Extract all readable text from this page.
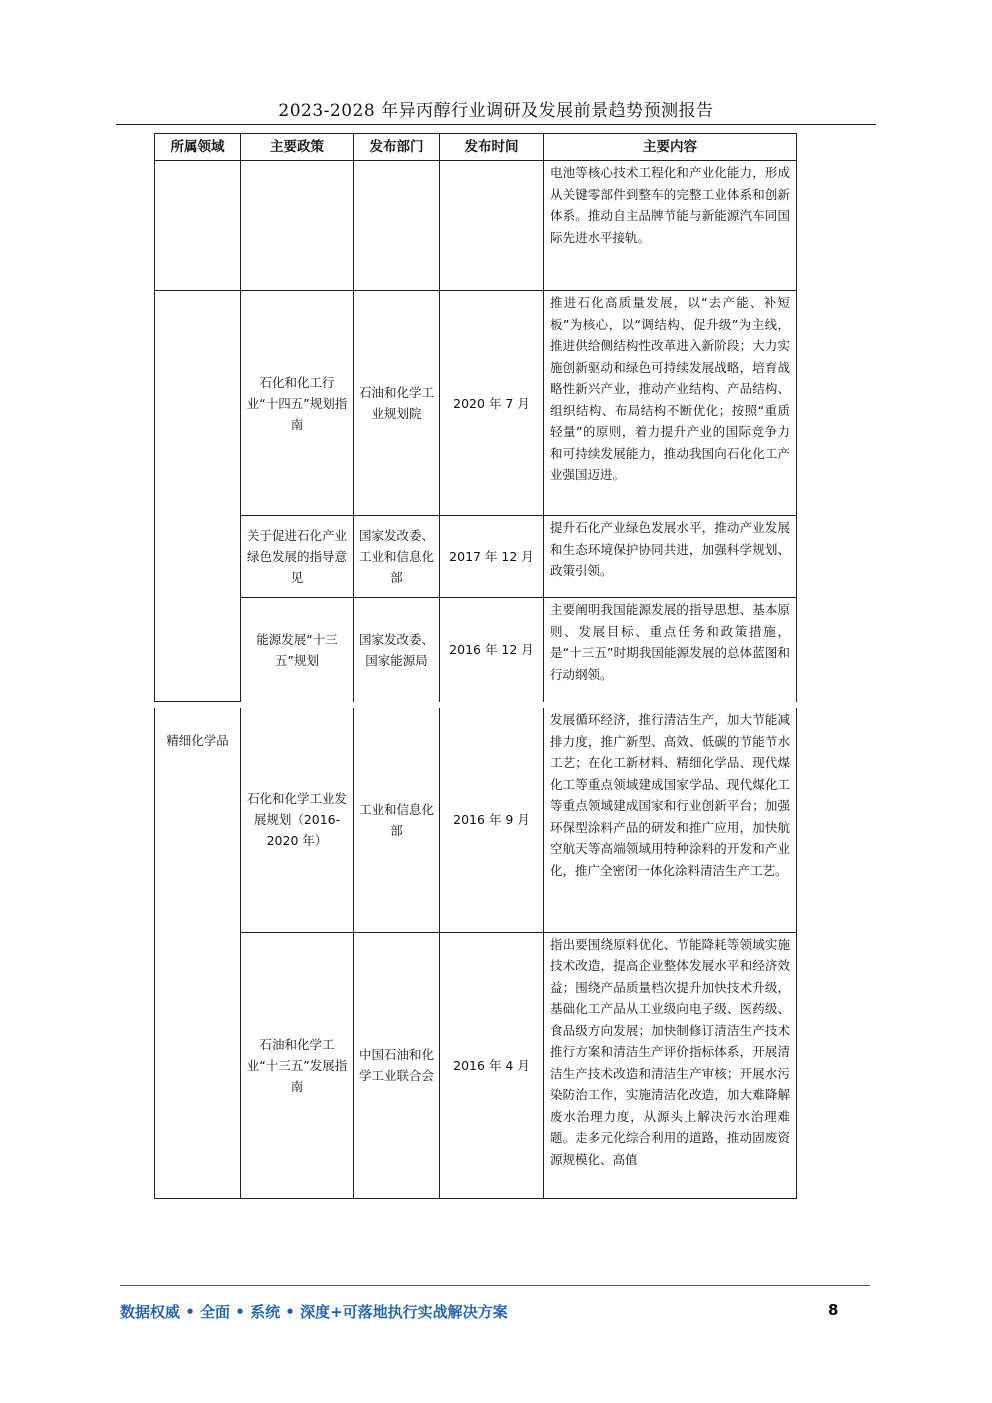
2023-2028 年异丙醇行业调研及发展前景趋势预测报告
所属领域	主要政策	发布部门	发布时间	主要内容
				电池等核心技术工程化和产业化能力，形成从关键零部件到整车的完整工业体系和创新体系。推动自主品牌节能与新能源汽车同国际先进水平接轨。
	石化和化工行业“十四五”规划指南	石油和化学工业规划院	2020 年 7 月	推进石化高质量发展，以“去产能、补短板”为核心，以“调结构、促升级”为主线，推进供给侧结构性改革进入新阶段；大力实施创新驱动和绿色可持续发展战略，培育战略性新兴产业，推动产业结构、产品结构、组织结构、布局结构不断优化；按照“重质轻量”的原则，着力提升产业的国际竞争力和可持续发展能力，推动我国向石化化工产业强国迈进。
	关于促进石化产业绿色发展的指导意见	国家发改委、工业和信息化部	2017 年 12 月	提升石化产业绿色发展水平，推动产业发展和生态环境保护协同共进，加强科学规划、政策引领。
	能源发展“十三五”规划	国家发改委、国家能源局	2016 年 12 月	主要阐明我国能源发展的指导思想、基本原则、发展目标、重点任务和政策措施，是“十三五”时期我国能源发展的总体蓝图和行动纲领。
精细化学品	石化和化学工业发展规划（2016-2020 年）	工业和信息化部	2016 年 9 月	发展循环经济，推行清洁生产，加大节能减排力度，推广新型、高效、低碳的节能节水工艺；在化工新材料、精细化学品、现代煤化工等重点领域建成国家学品、现代煤化工等重点领域建成国家和行业创新平台；加强环保型涂料产品的研发和推广应用，加快航空航天等高端领域用特种涂料的开发和产业化，推广全密闭一体化涂料清洁生产工艺。
	石油和化学工业“十三五”发展指南	中国石油和化学工业联合会	2016 年 4 月	指出要围绕原料优化、节能降耗等领域实施技术改造，提高企业整体发展水平和经济效益；围绕产品质量档次提升加快技术升级，基础化工产品从工业级向电子级、医药级、食品级方向发展；加快制修订清洁生产技术推行方案和清洁生产评价指标体系，开展清洁生产技术改造和清洁生产审核；开展水污染防治工作，实施清洁化改造，加大难降解废水治理力度，从源头上解决污水治理难题。走多元化综合利用的道路，推动固废资源规模化、高值
数据权威 • 全面 • 系统 • 深度+可落地执行实战解决方案	8
